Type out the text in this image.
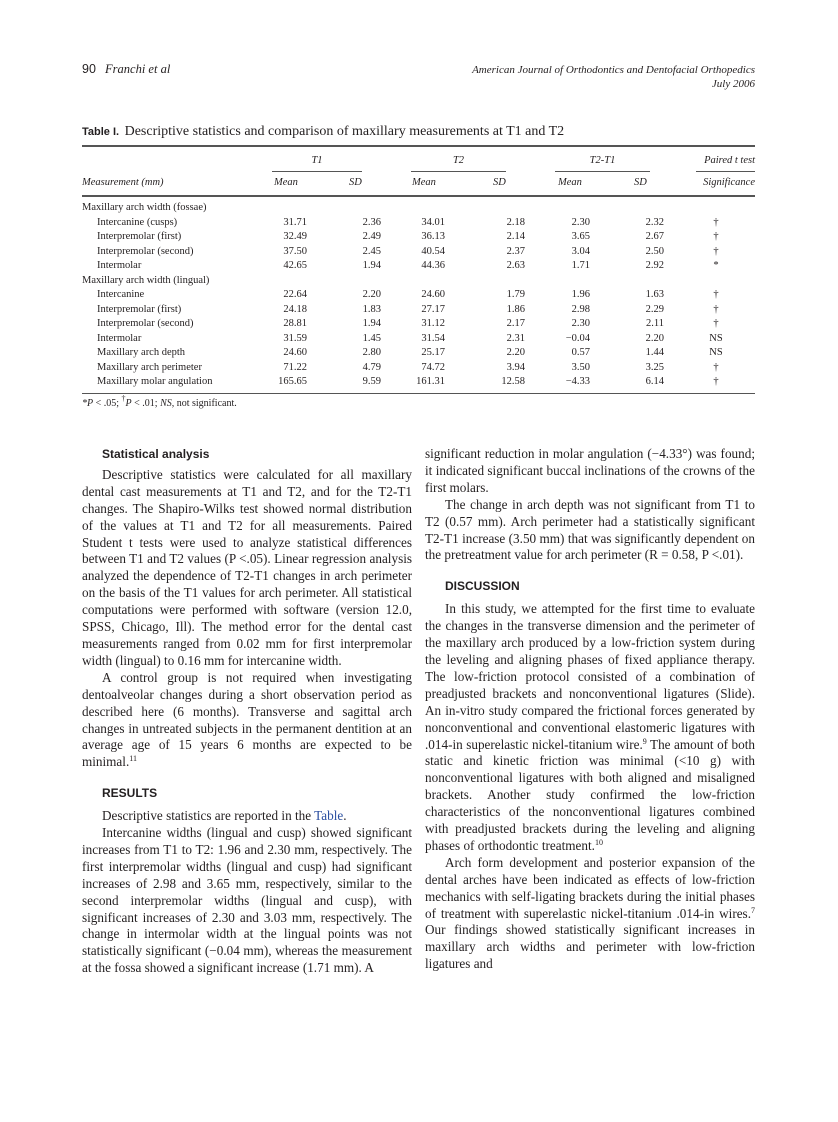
90 Franchi et al	American Journal of Orthodontics and Dentofacial Orthopedics
July 2006
Table I. Descriptive statistics and comparison of maxillary measurements at T1 and T2
T1	T2	T2-T1	Paired t test
Measurement (mm)	Mean	SD	Mean	SD	Mean	SD	Significance
Maxillary arch width (fossae)
Intercanine (cusps)	31.71	2.36	34.01	2.18	2.30	2.32	†
Interpremolar (first)	32.49	2.49	36.13	2.14	3.65	2.67	†
Interpremolar (second)	37.50	2.45	40.54	2.37	3.04	2.50	†
Intermolar	42.65	1.94	44.36	2.63	1.71	2.92	*
Maxillary arch width (lingual)
Intercanine	22.64	2.20	24.60	1.79	1.96	1.63	†
Interpremolar (first)	24.18	1.83	27.17	1.86	2.98	2.29	†
Interpremolar (second)	28.81	1.94	31.12	2.17	2.30	2.11	†
Intermolar	31.59	1.45	31.54	2.31	−0.04	2.20	NS
Maxillary arch depth	24.60	2.80	25.17	2.20	0.57	1.44	NS
Maxillary arch perimeter	71.22	4.79	74.72	3.94	3.50	3.25	†
Maxillary molar angulation	165.65	9.59	161.31	12.58	−4.33	6.14	†
*P < .05; †P < .01; NS, not significant.

Statistical analysis

Descriptive statistics were calculated for all maxillary dental cast measurements at T1 and T2, and for the T2-T1 changes. The Shapiro-Wilks test showed normal distribution of the values at T1 and T2 for all measurements. Paired Student t tests were used to analyze statistical differences between T1 and T2 values (P <.05). Linear regression analysis analyzed the dependence of T2-T1 changes in arch perimeter on the basis of the T1 values for arch perimeter. All statistical computations were performed with software (version 12.0, SPSS, Chicago, Ill). The method error for the dental cast measurements ranged from 0.02 mm for first interpremolar width (lingual) to 0.16 mm for intercanine width.

A control group is not required when investigating dentoalveolar changes during a short observation period as described here (6 months). Transverse and sagittal arch changes in untreated subjects in the permanent dentition at an average age of 15 years 6 months are expected to be minimal.$^{11}$

RESULTS

Descriptive statistics are reported in the Table.

Intercanine widths (lingual and cusp) showed significant increases from T1 to T2: 1.96 and 2.30 mm, respectively. The first interpremolar widths (lingual and cusp) had significant increases of 2.98 and 3.65 mm, respectively, similar to the second interpremolar widths (lingual and cusp), with significant increases of 2.30 and 3.03 mm, respectively. The change in intermolar width at the lingual points was not statistically significant (−0.04 mm), whereas the measurement at the fossa showed a significant increase (1.71 mm). A

significant reduction in molar angulation (−4.33°) was found; it indicated significant buccal inclinations of the crowns of the first molars.

The change in arch depth was not significant from T1 to T2 (0.57 mm). Arch perimeter had a statistically significant T2-T1 increase (3.50 mm) that was significantly dependent on the pretreatment value for arch perimeter (R = 0.58, P <.01).

DISCUSSION

In this study, we attempted for the first time to evaluate the changes in the transverse dimension and the perimeter of the maxillary arch produced by a low-friction system during the leveling and aligning phases of fixed appliance therapy. The low-friction protocol consisted of a combination of preadjusted brackets and nonconventional ligatures (Slide). An in-vitro study compared the frictional forces generated by nonconventional and conventional elastomeric ligatures with .014-in superelastic nickel-titanium wire.$^9$ The amount of both static and kinetic friction was minimal (<10 g) with nonconventional ligatures with both aligned and misaligned brackets. Another study confirmed the low-friction characteristics of the nonconventional ligatures combined with preadjusted brackets during the leveling and aligning phases of orthodontic treatment.$^{10}$

Arch form development and posterior expansion of the dental arches have been indicated as effects of low-friction mechanics with self-ligating brackets during the initial phases of treatment with superelastic nickel-titanium .014-in wires.$^7$ Our findings showed statistically significant increases in maxillary arch widths and perimeter with low-friction ligatures and
